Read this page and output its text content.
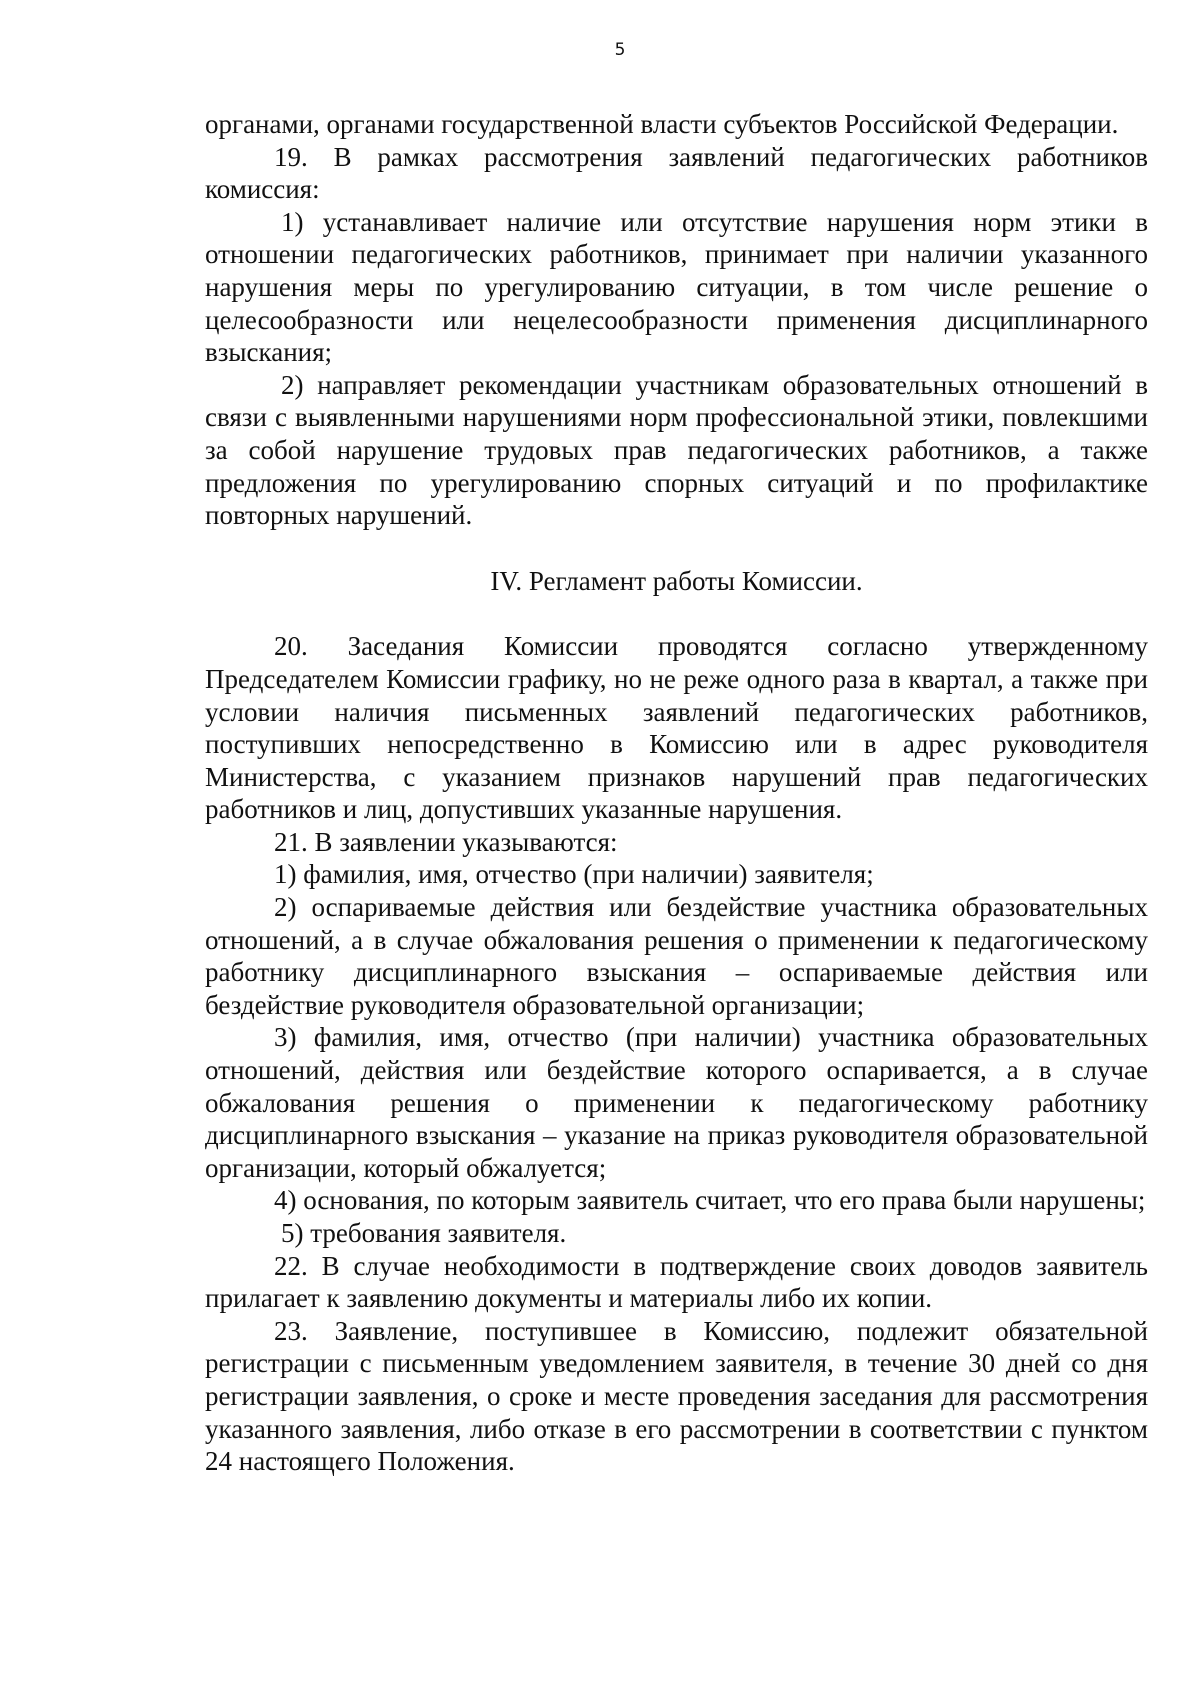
5

органами, органами государственной власти субъектов Российской Федерации.

19. В рамках рассмотрения заявлений педагогических работников комиссия:

1) устанавливает наличие или отсутствие нарушения норм этики в отношении педагогических работников, принимает при наличии указанного нарушения меры по урегулированию ситуации, в том числе решение о целесообразности или нецелесообразности применения дисциплинарного взыскания;

2) направляет рекомендации участникам образовательных отношений в связи с выявленными нарушениями норм профессиональной этики, повлекшими за собой нарушение трудовых прав педагогических работников, а также предложения по урегулированию спорных ситуаций и по профилактике повторных нарушений.

IV. Регламент работы Комиссии.

20. Заседания Комиссии проводятся согласно утвержденному Председателем Комиссии графику, но не реже одного раза в квартал, а также при условии наличия письменных заявлений педагогических работников, поступивших непосредственно в Комиссию или в адрес руководителя Министерства, с указанием признаков нарушений прав педагогических работников и лиц, допустивших указанные нарушения.

21. В заявлении указываются:

1) фамилия, имя, отчество (при наличии) заявителя;

2) оспариваемые действия или бездействие участника образовательных отношений, а в случае обжалования решения о применении к педагогическому работнику дисциплинарного взыскания – оспариваемые действия или бездействие руководителя образовательной организации;

3) фамилия, имя, отчество (при наличии) участника образовательных отношений, действия или бездействие которого оспаривается, а в случае обжалования решения о применении к педагогическому работнику дисциплинарного взыскания – указание на приказ руководителя образовательной организации, который обжалуется;

4) основания, по которым заявитель считает, что его права были нарушены;

5) требования заявителя.

22. В случае необходимости в подтверждение своих доводов заявитель прилагает к заявлению документы и материалы либо их копии.

23. Заявление, поступившее в Комиссию, подлежит обязательной регистрации с письменным уведомлением заявителя, в течение 30 дней со дня регистрации заявления, о сроке и месте проведения заседания для рассмотрения указанного заявления, либо отказе в его рассмотрении в соответствии с пунктом 24 настоящего Положения.
